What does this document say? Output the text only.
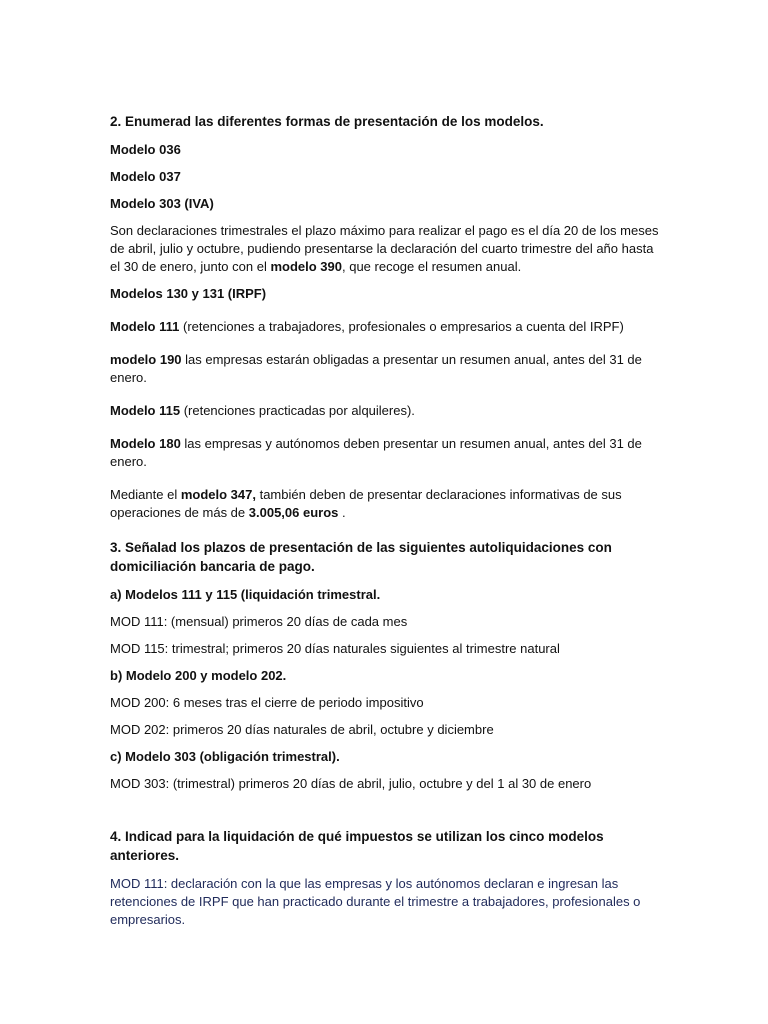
2. Enumerad las diferentes formas de presentación de los modelos.

Modelo 036

Modelo 037

Modelo 303 (IVA)

Son declaraciones trimestrales el plazo máximo para realizar el pago es el día 20 de los meses de abril, julio y octubre, pudiendo presentarse la declaración del cuarto trimestre del año hasta el 30 de enero, junto con el modelo 390, que recoge el resumen anual.

Modelos 130 y 131 (IRPF)

Modelo 111 (retenciones a trabajadores, profesionales o empresarios a cuenta del IRPF)

modelo 190 las empresas estarán obligadas a presentar un resumen anual, antes del 31 de enero.

Modelo 115 (retenciones practicadas por alquileres).

Modelo 180 las empresas y autónomos deben presentar un resumen anual, antes del 31 de enero.

Mediante el modelo 347, también deben de presentar declaraciones informativas de sus operaciones de más de 3.005,06 euros .

3. Señalad los plazos de presentación de las siguientes autoliquidaciones con domiciliación bancaria de pago.

a) Modelos 111 y 115 (liquidación trimestral.

MOD 111: (mensual) primeros 20 días de cada mes

MOD 115: trimestral; primeros 20 días naturales siguientes al trimestre natural

b) Modelo 200 y modelo 202.

MOD 200: 6 meses tras el cierre de periodo impositivo

MOD 202: primeros 20 días naturales de abril, octubre y diciembre

c) Modelo 303 (obligación trimestral).

MOD 303: (trimestral) primeros 20 días de abril, julio, octubre y del 1 al 30 de enero

4. Indicad para la liquidación de qué impuestos se utilizan los cinco modelos anteriores.

MOD 111: declaración con la que las empresas y los autónomos declaran e ingresan las retenciones de IRPF que han practicado durante el trimestre a trabajadores, profesionales o empresarios.
